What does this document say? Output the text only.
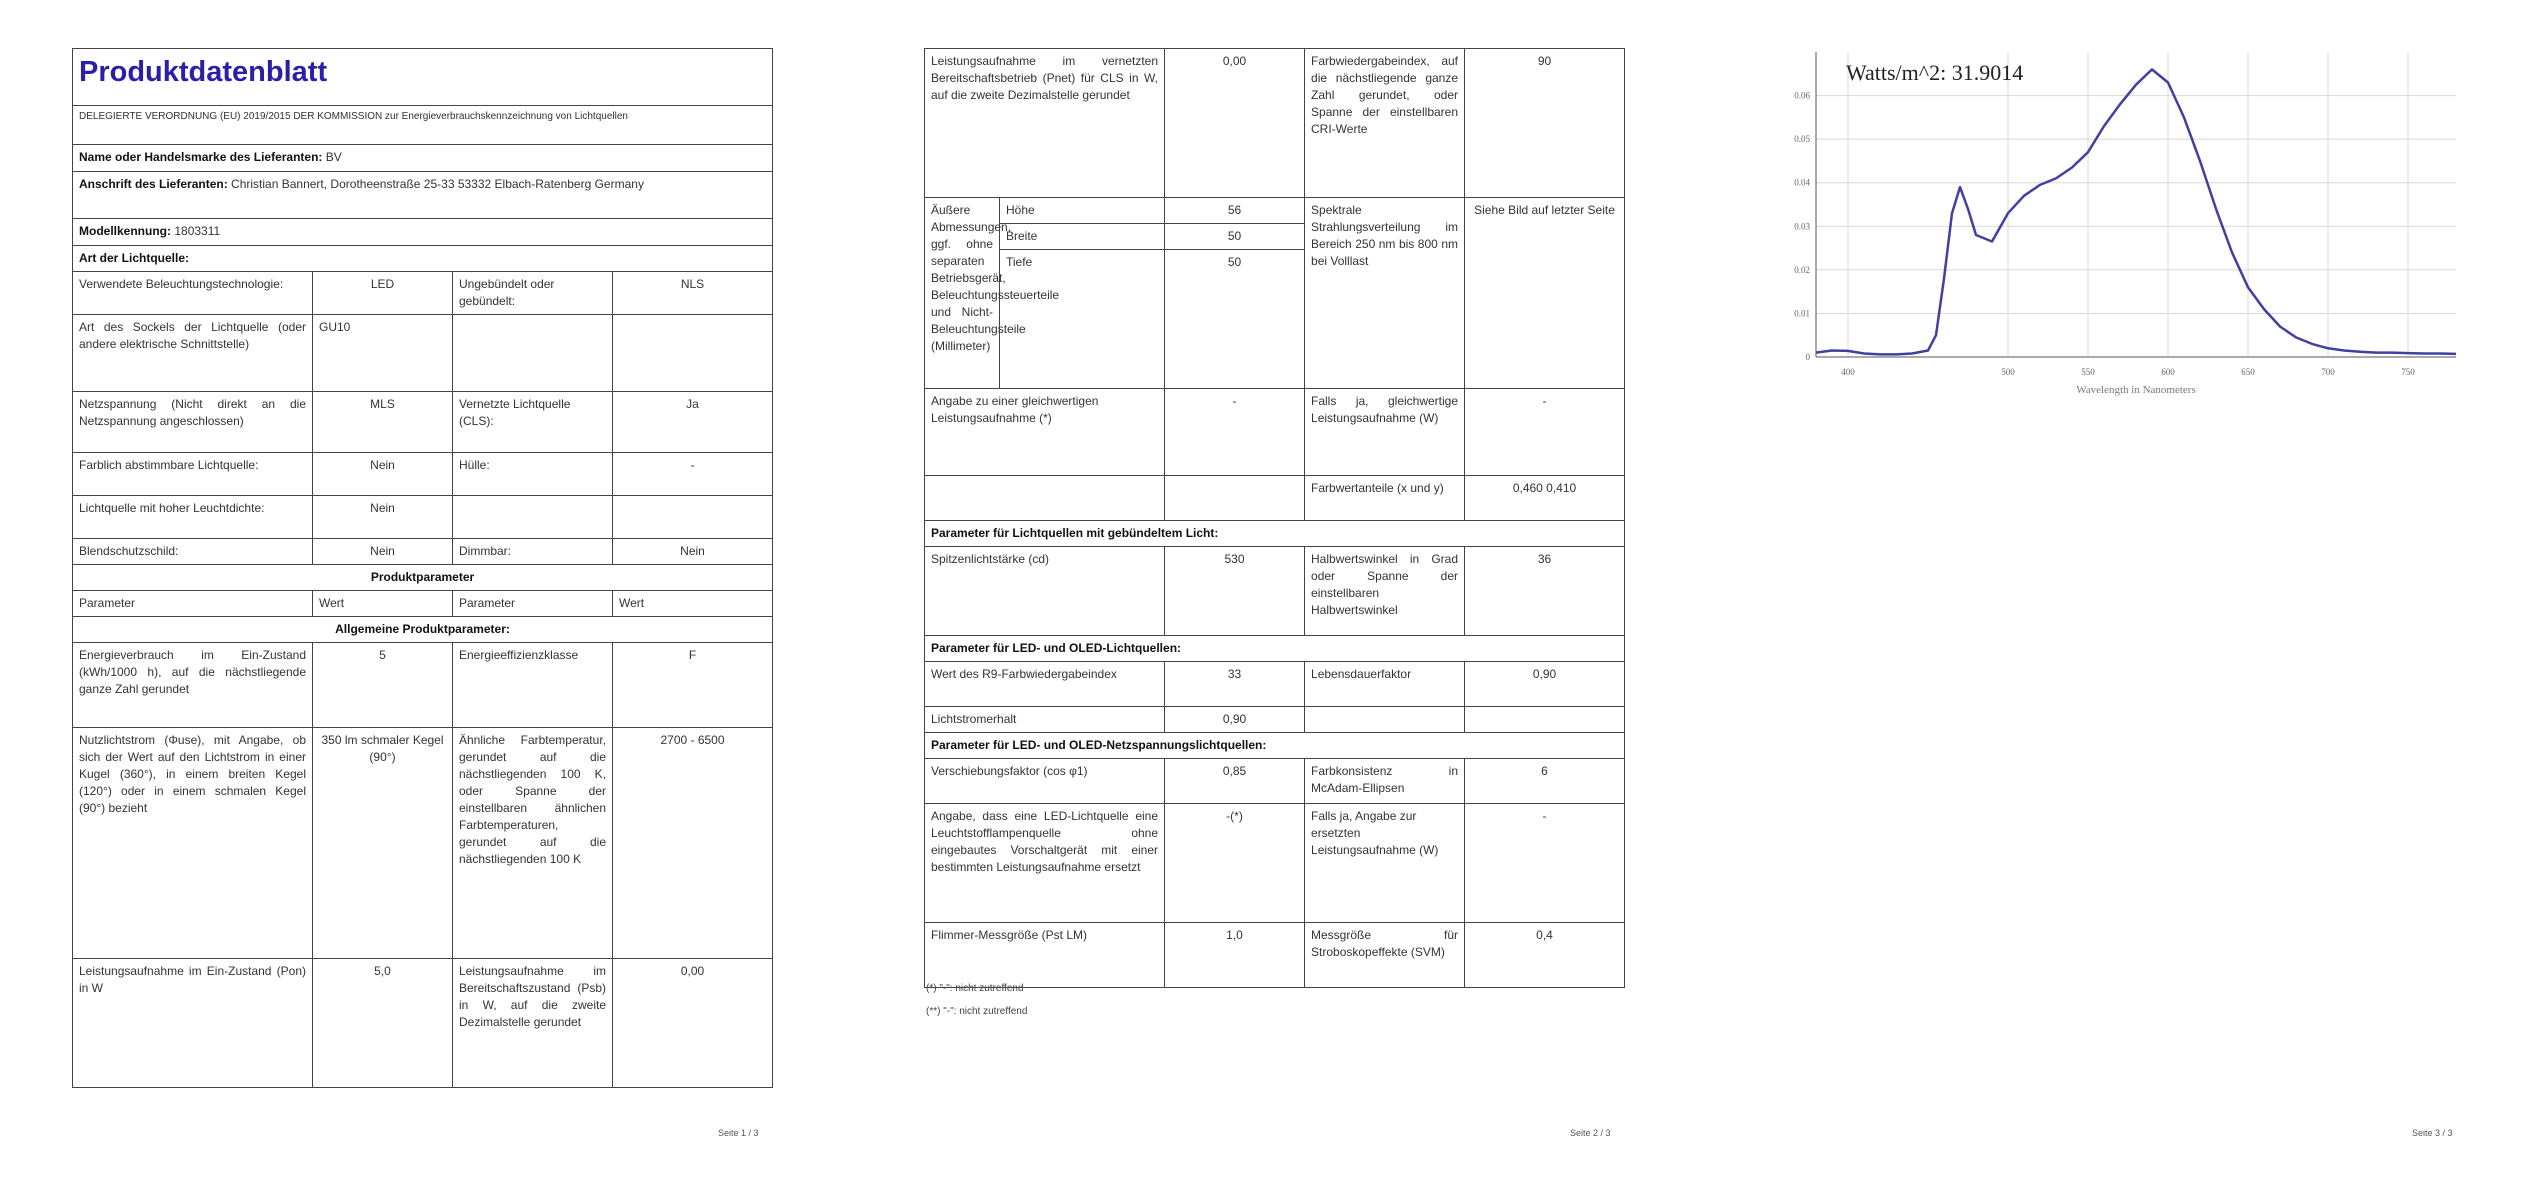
Produktdatenblatt			

DELEGIERTE VERORDNUNG (EU) 2019/2015 DER KOMMISSION zur Energieverbrauchskennzeichnung von Lichtquellen			
Name oder Handelsmarke des Lieferanten: BV			
Anschrift des Lieferanten: Christian Bannert, Dorotheenstraße 25-33 53332 Elbach-Ratenberg Germany			
Modellkennung: 1803311			
Art der Lichtquelle:			
Verwendete Beleuchtungstechnologie:	LED	Ungebündelt oder gebündelt:	NLS
Art des Sockels der Lichtquelle (oder andere elektrische Schnittstelle)	GU10		
Netzspannung (Nicht direkt an die Netzspannung angeschlossen)	MLS	Vernetzte Lichtquelle (CLS):	Ja
Farblich abstimmbare Lichtquelle:	Nein	Hülle:	-
Lichtquelle mit hoher Leuchtdichte:	Nein		
Blendschutzschild:	Nein	Dimmbar:	Nein
Produktparameter			
Parameter	Wert	Parameter	Wert
Allgemeine Produktparameter:			
Energieverbrauch im Ein-Zustand (kWh/1000 h), auf die nächstliegende ganze Zahl gerundet	5	Energieeffizienzklasse	F
Nutzlichtstrom (Φuse), mit Angabe, ob sich der Wert auf den Lichtstrom in einer Kugel (360°), in einem breiten Kegel (120°) oder in einem schmalen Kegel (90°) bezieht	350 lm schmaler Kegel (90°)	Ähnliche Farbtemperatur, gerundet auf die nächstliegenden 100 K, oder Spanne der einstellbaren ähnlichen Farbtemperaturen, gerundet auf die nächstliegenden 100 K	2700 - 6500
Leistungsaufnahme im Ein-Zustand (Pon) in W	5,0	Leistungsaufnahme im Bereitschaftszustand (Psb) in W, auf die zweite Dezimalstelle gerundet	0,00
Seite 1 / 3
Leistungsaufnahme im vernetzten Bereitschaftsbetrieb (Pnet) für CLS in W, auf die zweite Dezimalstelle gerundet		0,00	Farbwiedergabeindex, auf die nächstliegende ganze Zahl gerundet, oder Spanne der einstellbaren CRI-Werte	90
Äußere Abmessungen, ggf. ohne separaten Betriebsgerät, Beleuchtungssteuerteile und Nicht-Beleuchtungsteile (Millimeter)	Höhe	56	Spektrale Strahlungsverteilung im Bereich 250 nm bis 800 nm bei Volllast	Siehe Bild auf letzter Seite
	Breite	50		
	Tiefe	50		
Angabe zu einer gleichwertigen Leistungsaufnahme (*)		-	Falls ja, gleichwertige Leistungsaufnahme (W)	-
			Farbwertanteile (x und y)	0,460 0,410
Parameter für Lichtquellen mit gebündeltem Licht:				
Spitzenlichtstärke (cd)		530	Halbwertswinkel in Grad oder Spanne der einstellbaren Halbwertswinkel	36
Parameter für LED- und OLED-Lichtquellen:				
Wert des R9-Farbwiedergabeindex		33	Lebensdauerfaktor	0,90
Lichtstromerhalt		0,90		
Parameter für LED- und OLED-Netzspannungslichtquellen:				
Verschiebungsfaktor (cos φ1)		0,85	Farbkonsistenz in McAdam-Ellipsen	6
Angabe, dass eine LED-Lichtquelle eine Leuchtstofflampenquelle ohne eingebautes Vorschaltgerät mit einer bestimmten Leistungsaufnahme ersetzt		-(*)	Falls ja, Angabe zur ersetzten Leistungsaufnahme (W)	-
Flimmer-Messgröße (Pst LM)		1,0	Messgröße für Stroboskopeffekte (SVM)	0,4
(*) "-": nicht zutreffend
(**) "-": nicht zutreffend
Seite 2 / 3
400	500	550	600	650	700	750
0
0.01
0.02
0.03
0.04
0.05
0.06
Wavelength in Nanometers
Watts/m^2: 31.9014
Seite 3 / 3
